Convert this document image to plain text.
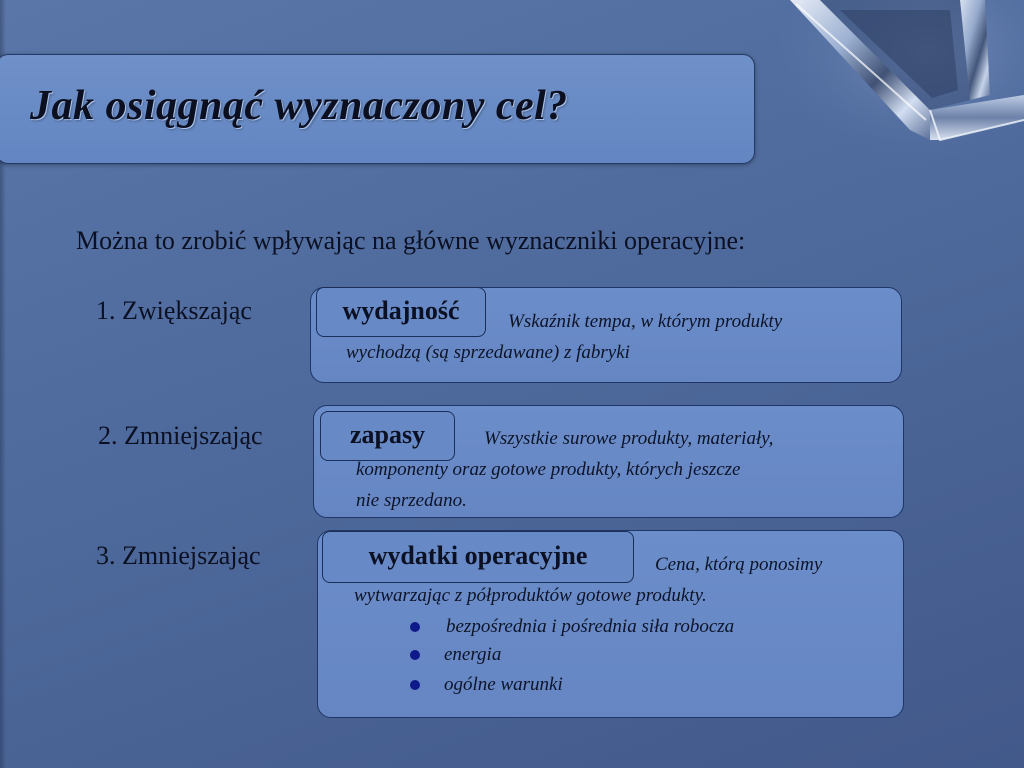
Jak osiągnąć wyznaczony cel?
Można to zrobić wpływając na główne wyznaczniki operacyjne:
1. Zwiększając	wydajność	Wskaźnik tempa, w którym produkty
wychodzą (są sprzedawane) z fabryki
2. Zmniejszając	zapasy	Wszystkie surowe produkty, materiały,
komponenty oraz gotowe produkty, których jeszcze
nie sprzedano.
3. Zmniejszając	wydatki operacyjne	Cena, którą ponosimy
wytwarzając z półproduktów gotowe produkty.
bezpośrednia i pośrednia siła robocza
energia
ogólne warunki
